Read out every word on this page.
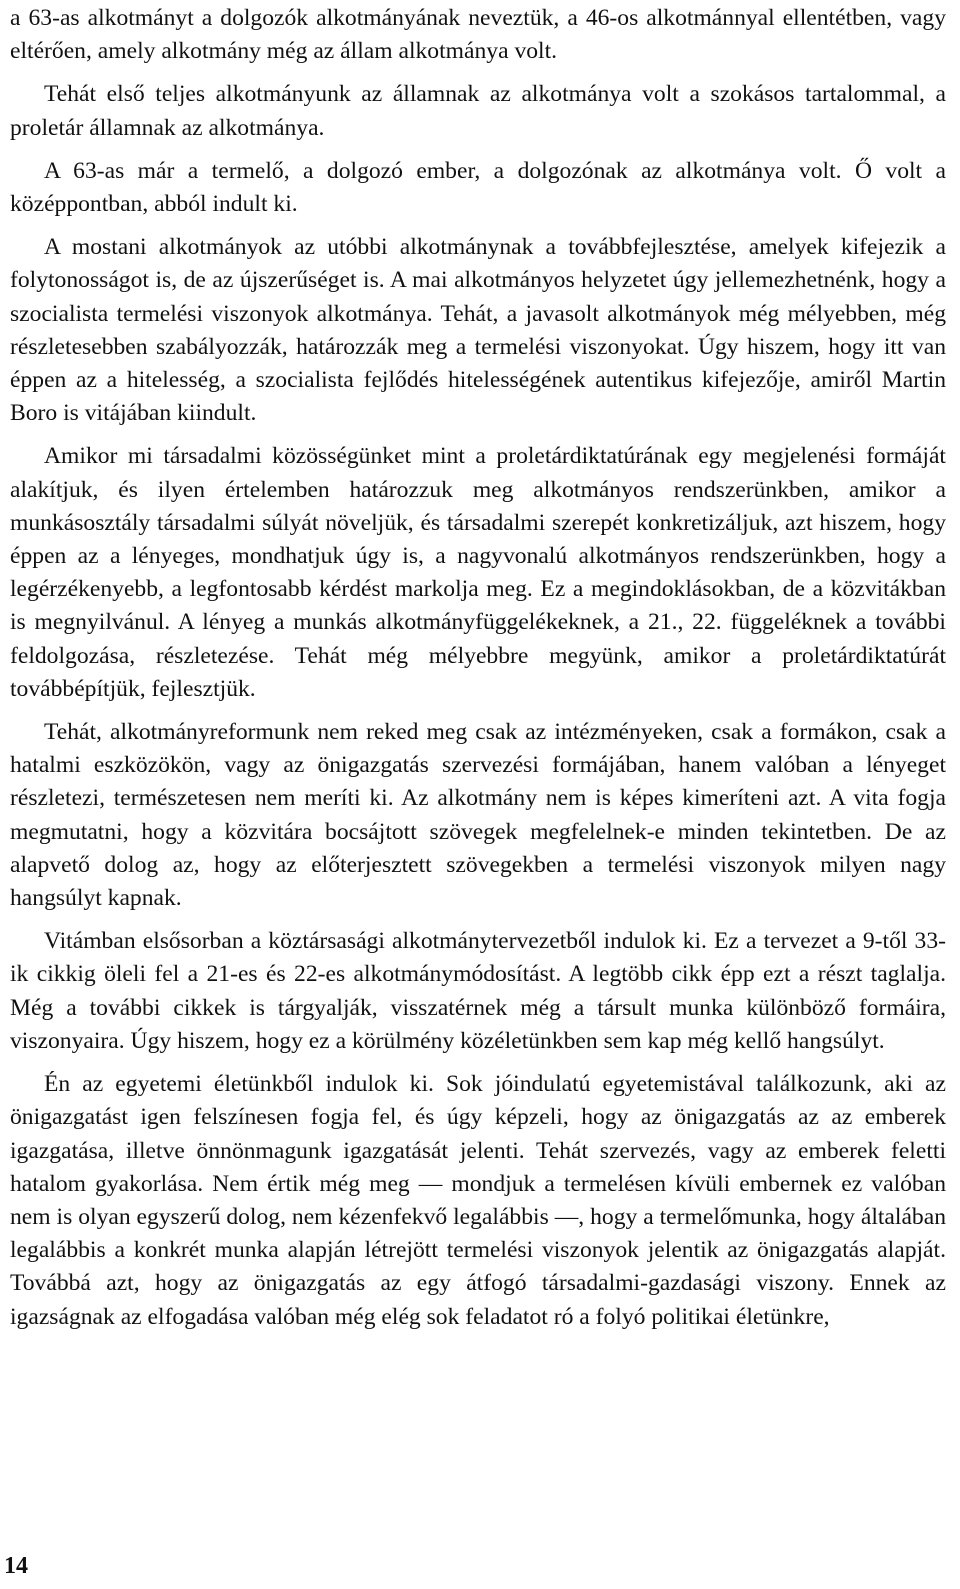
a 63-as alkotmányt a dolgozók alkotmányának neveztük, a 46-os alkotmánnyal ellentétben, vagy eltérően, amely alkotmány még az állam alkotmánya volt.

Tehát első teljes alkotmányunk az államnak az alkotmánya volt a szokásos tartalommal, a proletár államnak az alkotmánya.

A 63-as már a termelő, a dolgozó ember, a dolgozónak az alkotmánya volt. Ő volt a középpontban, abból indult ki.

A mostani alkotmányok az utóbbi alkotmánynak a továbbfejlesztése, amelyek kifejezik a folytonosságot is, de az újszerűséget is. A mai alkotmányos helyzetet úgy jellemezhetnénk, hogy a szocialista termelési viszonyok alkotmánya. Tehát, a javasolt alkotmányok még mélyebben, még részletesebben szabályozzák, határozzák meg a termelési viszonyokat. Úgy hiszem, hogy itt van éppen az a hitelesség, a szocialista fejlődés hitelességének autentikus kifejezője, amiről Martin Boro is vitájában kiindult.

Amikor mi társadalmi közösségünket mint a proletárdiktatúrának egy megjelenési formáját alakítjuk, és ilyen értelemben határozzuk meg alkotmányos rendszerünkben, amikor a munkásosztály társadalmi súlyát növeljük, és társadalmi szerepét konkretizáljuk, azt hiszem, hogy éppen az a lényeges, mondhatjuk úgy is, a nagyvonalú alkotmányos rendszerünkben, hogy a legérzékenyebb, a legfontosabb kérdést markolja meg. Ez a megindoklásokban, de a közvitákban is megnyilvánul. A lényeg a munkás alkotmányfüggelékeknek, a 21., 22. függeléknek a további feldolgozása, részletezése. Tehát még mélyebbre megyünk, amikor a proletárdiktatúrát továbbépítjük, fejlesztjük.

Tehát, alkotmányreformunk nem reked meg csak az intézményeken, csak a formákon, csak a hatalmi eszközökön, vagy az önigazgatás szervezési formájában, hanem valóban a lényeget részletezi, természetesen nem meríti ki. Az alkotmány nem is képes kimeríteni azt. A vita fogja megmutatni, hogy a közvitára bocsájtott szövegek megfelelnek-e minden tekintetben. De az alapvető dolog az, hogy az előterjesztett szövegekben a termelési viszonyok milyen nagy hangsúlyt kapnak.

Vitámban elsősorban a köztársasági alkotmánytervezetből indulok ki. Ez a tervezet a 9-től 33-ik cikkig öleli fel a 21-es és 22-es alkotmánymódosítást. A legtöbb cikk épp ezt a részt taglalja. Még a további cikkek is tárgyalják, visszatérnek még a társult munka különböző formáira, viszonyaira. Úgy hiszem, hogy ez a körülmény közéletünkben sem kap még kellő hangsúlyt.

Én az egyetemi életünkből indulok ki. Sok jóindulatú egyetemistával találkozunk, aki az önigazgatást igen felszínesen fogja fel, és úgy képzeli, hogy az önigazgatás az az emberek igazgatása, illetve önnönmagunk igazgatását jelenti. Tehát szervezés, vagy az emberek feletti hatalom gyakorlása. Nem értik még meg — mondjuk a termelésen kívüli embernek ez valóban nem is olyan egyszerű dolog, nem kézenfekvő legalábbis —, hogy a termelőmunka, hogy általában legalábbis a konkrét munka alapján létrejött termelési viszonyok jelentik az önigazgatás alapját. Továbbá azt, hogy az önigazgatás az egy átfogó társadalmi-gazdasági viszony. Ennek az igazságnak az elfogadása valóban még elég sok feladatot ró a folyó politikai életünkre,

14
